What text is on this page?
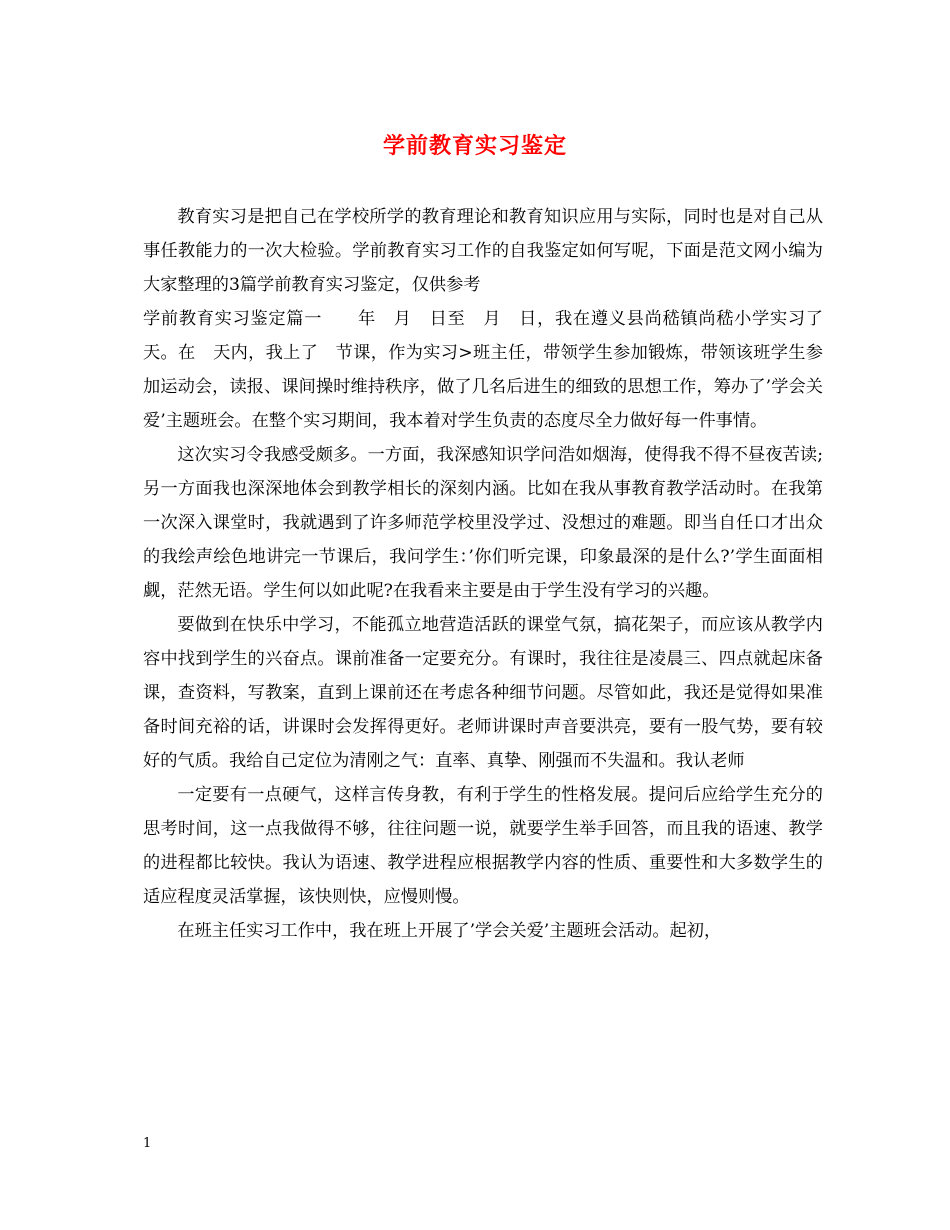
学前教育实习鉴定

教育实习是把自己在学校所学的教育理论和教育知识应用与实际，同时也是对自己从事任教能力的一次大检验。学前教育实习工作的自我鉴定如何写呢，下面是范文网小编为大家整理的3篇学前教育实习鉴定，仅供参考

学前教育实习鉴定篇一　　年　月　日至　月　日，我在遵义县尚嵇镇尚嵇小学实习了　天。在　天内，我上了　节课，作为实习>班主任，带领学生参加锻炼，带领该班学生参加运动会，读报、课间操时维持秩序，做了几名后进生的细致的思想工作，筹办了’学会关爱’主题班会。在整个实习期间，我本着对学生负责的态度尽全力做好每一件事情。

这次实习令我感受颇多。一方面，我深感知识学问浩如烟海，使得我不得不昼夜苦读;另一方面我也深深地体会到教学相长的深刻内涵。比如在我从事教育教学活动时。在我第一次深入课堂时，我就遇到了许多师范学校里没学过、没想过的难题。即当自任口才出众的我绘声绘色地讲完一节课后，我问学生：’你们听完课，印象最深的是什么?’学生面面相觑，茫然无语。学生何以如此呢?在我看来主要是由于学生没有学习的兴趣。

要做到在快乐中学习，不能孤立地营造活跃的课堂气氛，搞花架子，而应该从教学内容中找到学生的兴奋点。课前准备一定要充分。有课时，我往往是凌晨三、四点就起床备课，查资料，写教案，直到上课前还在考虑各种细节问题。尽管如此，我还是觉得如果准备时间充裕的话，讲课时会发挥得更好。老师讲课时声音要洪亮，要有一股气势，要有较好的气质。我给自己定位为清刚之气：直率、真挚、刚强而不失温和。我认老师

一定要有一点硬气，这样言传身教，有利于学生的性格发展。提问后应给学生充分的思考时间，这一点我做得不够，往往问题一说，就要学生举手回答，而且我的语速、教学的进程都比较快。我认为语速、教学进程应根据教学内容的性质、重要性和大多数学生的适应程度灵活掌握，该快则快，应慢则慢。

在班主任实习工作中，我在班上开展了’学会关爱’主题班会活动。起初，

1
